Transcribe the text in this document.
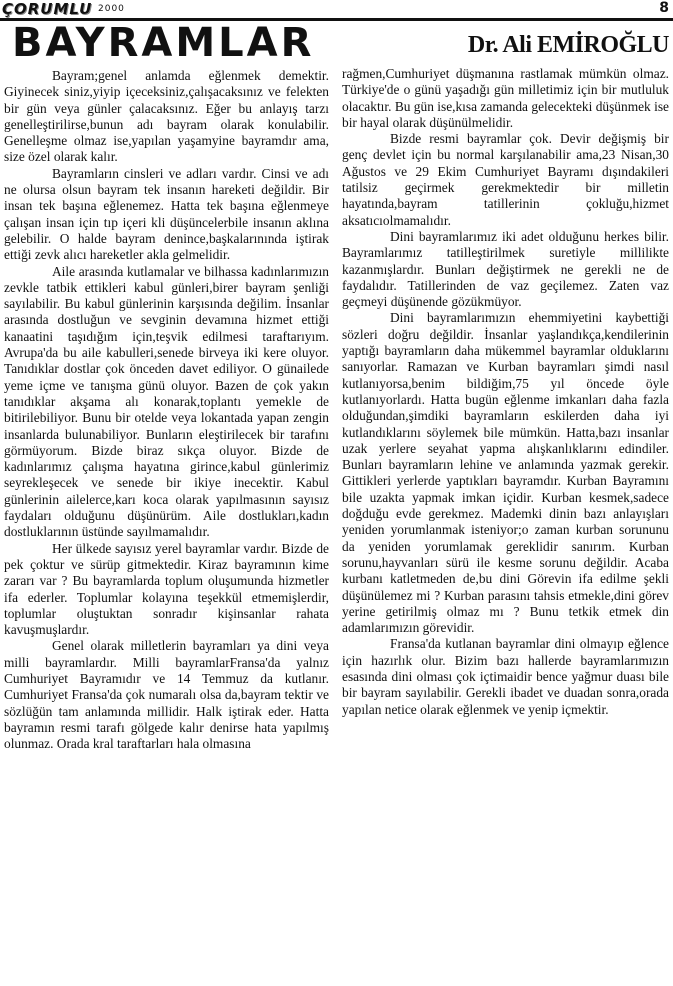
ÇORUMLU 2000	8
BAYRAMLAR	Dr. Ali EMİROĞLU

Bayram;genel anlamda eğlenmek demektir. Giyinecek siniz,yiyip içeceksiniz,çalışacaksınız ve felekten bir gün veya günler çalacaksınız. Eğer bu anlayış tarzı genelleştirilirse,bunun adı bayram olarak konulabilir. Genelleşme olmaz ise,yapılan yaşamyine bayramdır ama, size özel olarak kalır.

Bayramların cinsleri ve adları vardır. Cinsi ve adı ne olursa olsun bayram tek insanın hareketi değildir. Bir insan tek başına eğlenemez. Hatta tek başına eğlenmeye çalışan insan için tıp içeri kli düşüncelerbile insanın aklına gelebilir. O halde bayram denince,başkalarınında iştirak ettiği zevk alıcı hareketler akla gelmelidir.

Aile arasında kutlamalar ve bilhassa kadınlarımızın zevkle tatbik ettikleri kabul günleri,birer bayram şenliği sayılabilir. Bu kabul günlerinin karşısında değilim. İnsanlar arasında dostluğun ve sevginin devamına hizmet ettiği kanaatini taşıdığım için,teşvik edilmesi taraftarıyım. Avrupa'da bu aile kabulleri,senede birveya iki kere oluyor. Tanıdıklar dostlar çok önceden davet ediliyor. O günailede yeme içme ve tanışma günü oluyor. Bazen de çok yakın tanıdıklar akşama alı konarak,toplantı yemekle de bitirilebiliyor. Bunu bir otelde veya lokantada yapan zengin insanlarda bulunabiliyor. Bunların eleştirilecek bir tarafını görmüyorum. Bizde biraz sıkça oluyor. Bizde de kadınlarımız çalışma hayatına girince,kabul günlerimiz seyrekleşecek ve senede bir ikiye inecektir. Kabul günlerinin ailelerce,karı koca olarak yapılmasının sayısız faydaları olduğunu düşünürüm. Aile dostlukları,kadın dostluklarının üstünde sayılmamalıdır.

Her ülkede sayısız yerel bayramlar vardır. Bizde de pek çoktur ve sürüp gitmektedir. Kiraz bayramının kime zararı var ? Bu bayramlarda toplum oluşumunda hizmetler ifa ederler. Toplumlar kolayına teşekkül etmemişlerdir, toplumlar oluştuktan sonradır kişinsanlar rahata kavuşmuşlardır.

Genel olarak milletlerin bayramları ya dini veya milli bayramlardır. Milli bayramlarFransa'da yalnız Cumhuriyet Bayramıdır ve 14 Temmuz da kutlanır. Cumhuriyet Fransa'da çok numaralı olsa da,bayram tektir ve sözlüğün tam anlamında millidir. Halk iştirak eder. Hatta bayramın resmi tarafı gölgede kalır denirse hata yapılmış olunmaz. Orada kral taraftarları hala olmasına

rağmen,Cumhuriyet düşmanına rastlamak mümkün olmaz. Türkiye'de o günü yaşadığı gün milletimiz için bir mutluluk olacaktır. Bu gün ise,kısa zamanda gelecekteki düşünmek ise bir hayal olarak düşünülmelidir.

Bizde resmi bayramlar çok. Devir değişmiş bir genç devlet için bu normal karşılanabilir ama,23 Nisan,30 Ağustos ve 29 Ekim Cumhuriyet Bayramı dışındakileri tatilsiz geçirmek gerekmektedir bir milletin hayatında,bayram tatillerinin çokluğu,hizmet aksatıcıolmamalıdır.

Dini bayramlarımız iki adet olduğunu herkes bilir. Bayramlarımız tatilleştirilmek suretiyle millilikte kazanmışlardır. Bunları değiştirmek ne gerekli ne de faydalıdır. Tatillerinden de vaz geçilemez. Zaten vaz geçmeyi düşünende gözükmüyor.

Dini bayramlarımızın ehemmiyetini kaybettiği sözleri doğru değildir. İnsanlar yaşlandıkça,kendilerinin yaptığı bayramların daha mükemmel bayramlar olduklarını sanıyorlar. Ramazan ve Kurban bayramları şimdi nasıl kutlanıyorsa,benim bildiğim,75 yıl öncede öyle kutlanıyorlardı. Hatta bugün eğlenme imkanları daha fazla olduğundan,şimdiki bayramların eskilerden daha iyi kutlandıklarını söylemek bile mümkün. Hatta,bazı insanlar uzak yerlere seyahat yapma alışkanlıklarını edindiler. Bunları bayramların lehine ve anlamında yazmak gerekir. Gittikleri yerlerde yaptıkları bayramdır. Kurban Bayramını bile uzakta yapmak imkan içidir. Kurban kesmek,sadece doğduğu evde gerekmez. Mademki dinin bazı anlayışları yeniden yorumlanmak isteniyor;o zaman kurban sorununu da yeniden yorumlamak gereklidir sanırım. Kurban sorunu,hayvanları sürü ile kesme sorunu değildir. Acaba kurbanı katletmeden de,bu dini Görevin ifa edilme şekli düşünülemez mi ? Kurban parasını tahsis etmekle,dini görev yerine getirilmiş olmaz mı ? Bunu tetkik etmek din adamlarımızın görevidir.

Fransa'da kutlanan bayramlar dini olmayıp eğlence için hazırlık olur. Bizim bazı hallerde bayramlarımızın esasında dini olması çok içtimaidir bence yağmur duası bile bir bayram sayılabilir. Gerekli ibadet ve duadan sonra,orada yapılan netice olarak eğlenmek ve yenip içmektir.
